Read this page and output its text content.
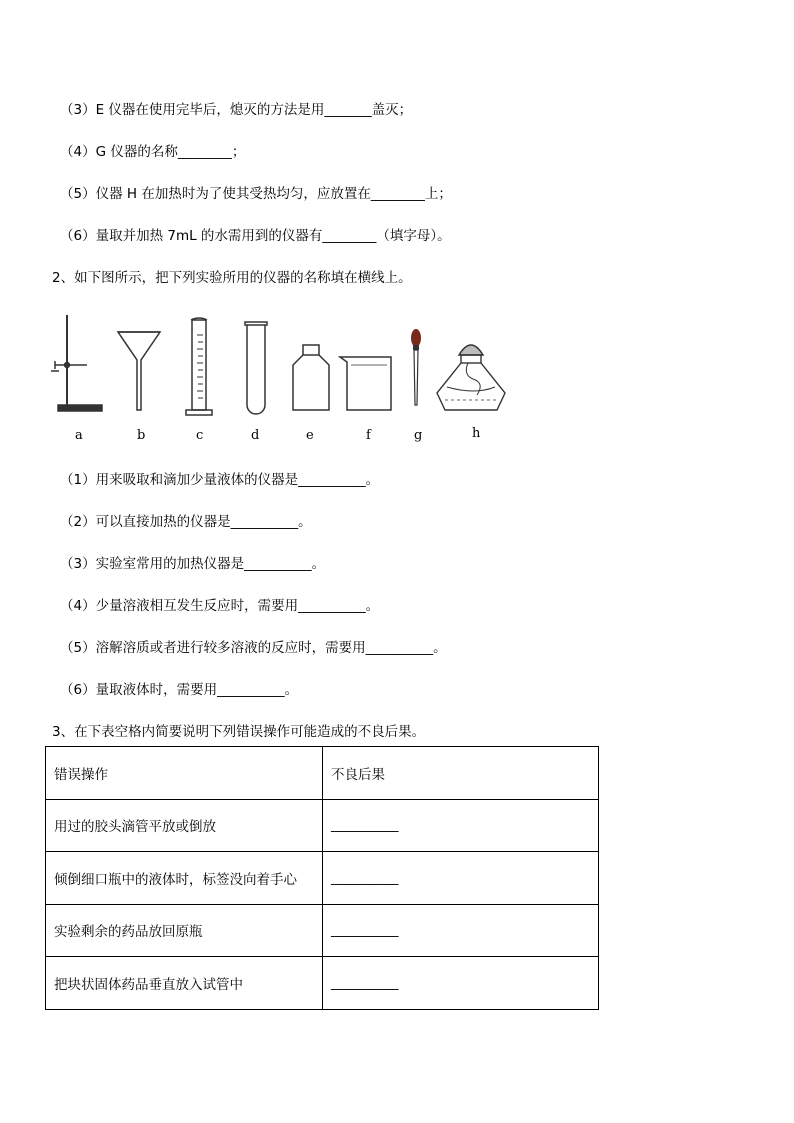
（3）E 仪器在使用完毕后，熄灭的方法是用_______盖灭；
（4）G 仪器的名称________；
（5）仪器 H 在加热时为了使其受热均匀，应放置在________上；
（6）量取并加热 7mL 的水需用到的仪器有________（填字母）。
2、如下图所示，把下列实验所用的仪器的名称填在横线上。
a	b	c	d	e	f	g	h
（1）用来吸取和滴加少量液体的仪器是__________。
（2）可以直接加热的仪器是__________。
（3）实验室常用的加热仪器是__________。
（4）少量溶液相互发生反应时，需要用__________。
（5）溶解溶质或者进行较多溶液的反应时，需要用__________。
（6）量取液体时，需要用__________。
3、在下表空格内简要说明下列错误操作可能造成的不良后果。
错误操作	不良后果
用过的胶头滴管平放或倒放	__________
倾倒细口瓶中的液体时，标签没向着手心	__________
实验剩余的药品放回原瓶	__________
把块状固体药品垂直放入试管中	__________
